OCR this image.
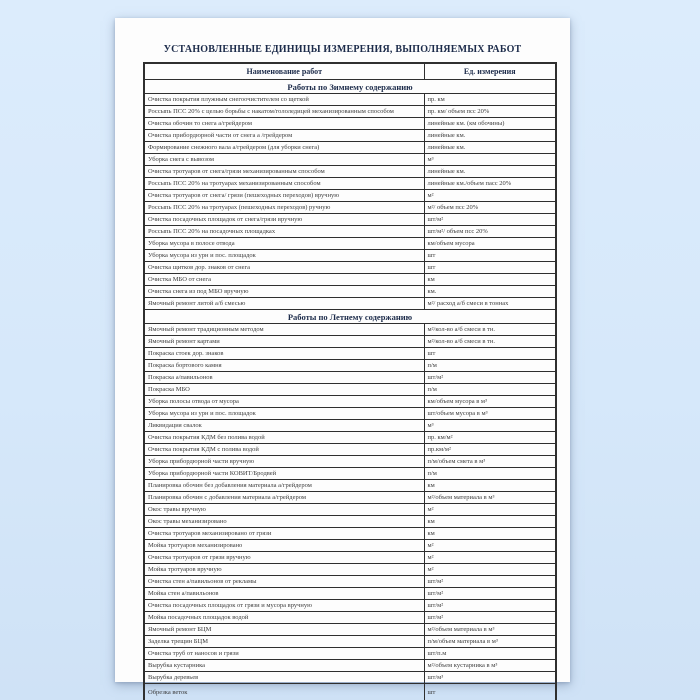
УСТАНОВЛЕННЫЕ ЕДИНИЦЫ ИЗМЕРЕНИЯ, ВЫПОЛНЯЕМЫХ РАБОТ
Наименование работ	Ед. измерения
Работы по Зимнему содержанию	
Очистка покрытия плужным снегоочистителем со щеткой	пр. км
Россыпь ПСС 20% с целью борьбы с накатом/гололедицей механизированным способом	пр. км/ объем псс 20%
Очистка обочин то снега а/грейдером	линейные км. (км обочины)
Очистка прибордюрной части от снега а /грейдером	линейные км.
Формирование снежного вала а/грейдером (для уборки снега)	линейные км.
Уборка снега с вывозом	м³
Очистка тротуаров от снега/грязи механизированным способом	линейные км.
Россыпь ПСС 20% на тротуарах механизированным способом	линейные км./объем пасс 20%
Очистка тротуаров от снега/ грязи (пешеходных переходов) вручную	м²
Россыпь ПСС 20% на тротуарах (пешеходных переходов) ручную	м²/ объем псс 20%
Очистка посадочных площадок от снега/грязи вручную	шт/м²
Россыпь ПСС 20% на посадочных площадках	шт/м²/ объем псс 20%
Уборка мусора в полосе отвода	км/объем мусора
Уборка мусора из урн и пос. площадок	шт
Очистка щитков дор. знаков от снега	шт
Очистка МБО от снега	км
Очистка снега из под МБО вручную	км.
Ямочный ремонт литой а/б смесью	м²/ расход а/б смеси в тоннах
Работы по Летнему содержанию	
Ямочный ремонт традиционным методом	м²/кол-во а/б смеси в тн.
Ямочный ремонт картами	м²/кол-во а/б смеси в тн.
Покраска стоек дор. знаков	шт
Покраска бортового камня	п/м
Покраска а/павильонов	шт/м²
Покраска МБО	п/м
Уборка полосы отвода от мусора	км/объем мусора в м³
Уборка мусора из урн и пос. площадок	шт/объем мусора в м³
Ликвидация свалок	м³
Очистка покрытия КДМ без полива водой	пр. км/м²
Очистка покрытия КДМ с полива водой	пр.км/м²
Уборка прибордюрной части вручную	п/м/объем смета в м³
Уборка прибордюрной части КОВИТ/Бродвей	п/м
Планировка обочин без добавления материала а/грейдером	км
Планировка обочин с добавления материала а/грейдером	м²/объем материала в м³
Окос травы вручную	м²
Окос травы механизировано	км
Очистка тротуаров механизировано от грязи	км
Мойка тротуаров механизировано	м²
Очистка тротуаров от грязи вручную	м²
Мойка тротуаров вручную	м²
Очистка стен а/павильонов от рекламы	шт/м²
Мойка стен а/павильонов	шт/м²
Очистка посадочных площадок от грязи и мусора вручную	шт/м²
Мойка посадочных площадок водой	шт/м²
Ямочный ремонт БЦМ	м²/объем материала в м³
Заделка трещин БЦМ	п/м/объем материала в м³
Очистка труб от наносов и грязи	шт/п.м
Вырубка кустарника	м²/объем кустарника в м³
Вырубка деревьев	шт/м³
Обрезка веток	шт
